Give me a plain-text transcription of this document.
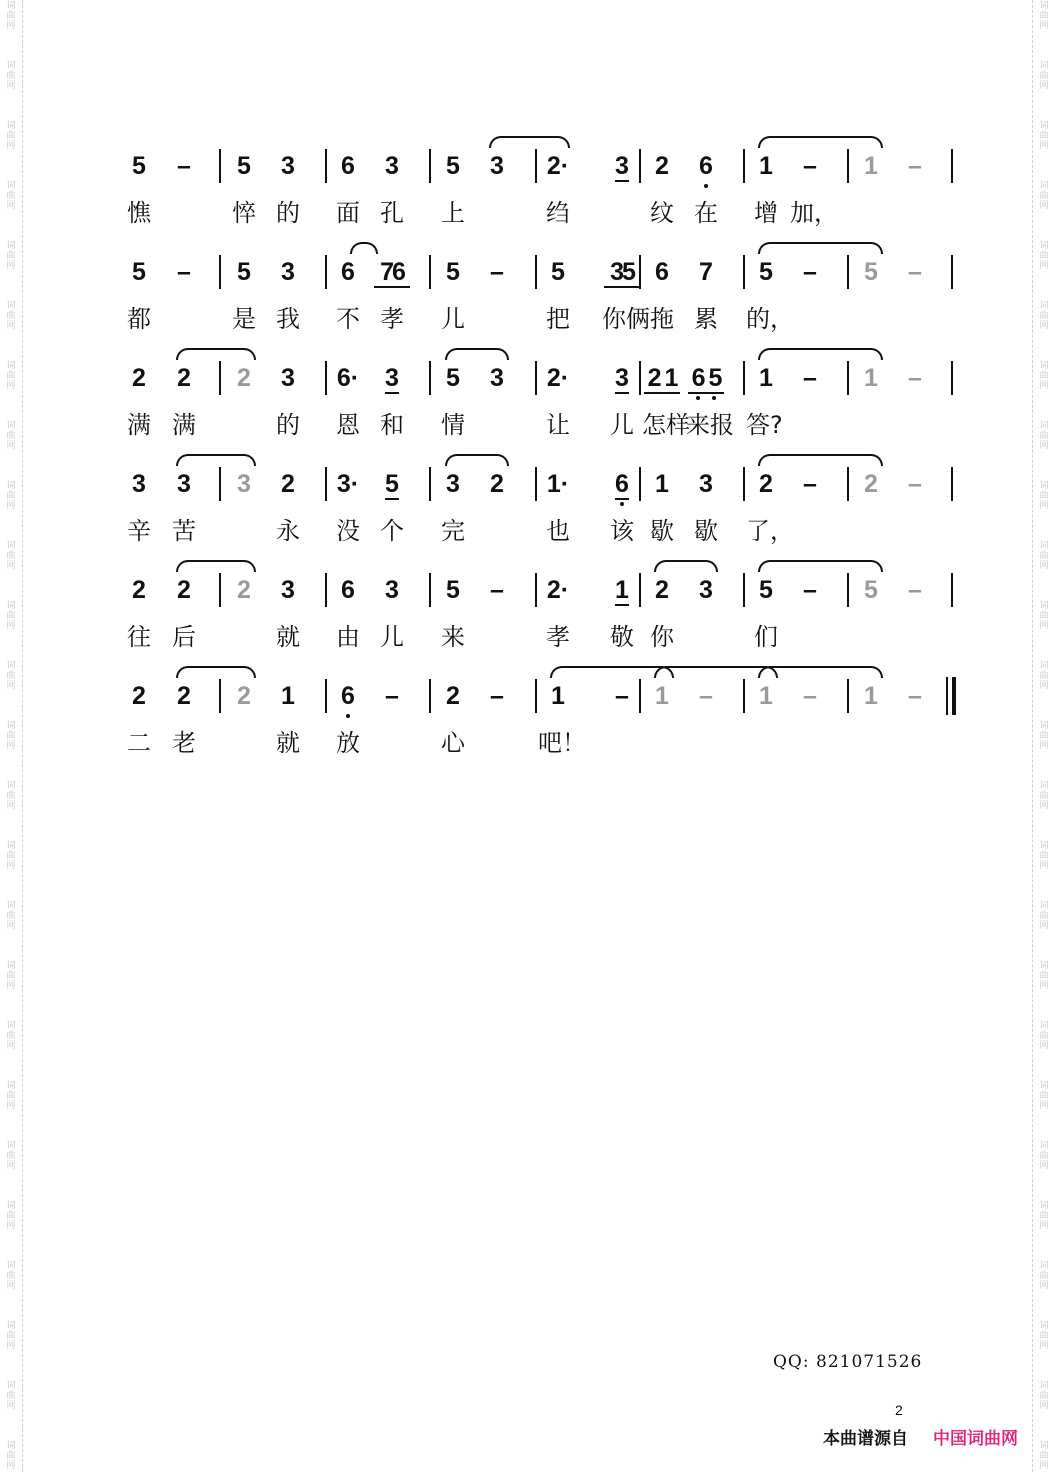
词
曲
网
词
曲
网
词
曲
网
词
曲
网
词
曲
网
词
曲
网
词
曲
网
词
曲
网
词
曲
网
词
曲
网
词
曲
网
词
曲
网
词
曲
网
词
曲
网
词
曲
网
词
曲
网
词
曲
网
词
曲
网
词
曲
网
词
曲
网
词
曲
网
词
曲
网
词
曲
网
词
曲
网
词
曲
网
词
曲
网
词
曲
网
词
曲
网
词
曲
网
词
曲
网
词
曲
网
词
曲
网
词
曲
网
词
曲
网
词
曲
网
词
曲
网
词
曲
网
词
曲
网
词
曲
网
词
曲
网
词
曲
网
词
曲
网
词
曲
网
词
曲
网
词
曲
网
词
曲
网
词
曲
网
词
曲
网
词
曲
网
词
曲
网
5	–	5	3	6	3	5	3	2·	3	2	6	1	–	1	–
憔	悴 的	面 孔	上	绉	纹 在	增 加，
5	–	5	3	6	76	5	–	5	35 6	7	5	–	5	–
都	是 我	不 孝	儿	把	你俩 拖 累	的，
2	2	2	3	6·	3	5	3	2·	3 2 1 6 5	1	–	1	–
满 满	的	恩 和	情	让	儿 怎样
来报 答?
3	3	3	2	3·	5	3	2	1·	6	1	3	2	–	2	–
辛 苦	永	没 个	完	也	该 歇 歇	了，
2	2	2	3	6	3	5	–	2·	1	2	3	5	–	5	–
往 后	就	由 儿	来	孝	敬 你	们
2	2	2	1	6	–	2	–	1	–	1	–	1	–	1	–
二 老	就	放	心	吧！
QQ: 821071526
2
本曲谱源自 中国词曲网
